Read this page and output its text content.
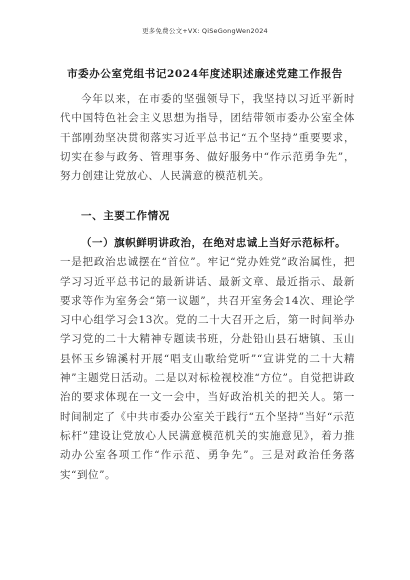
更多免费公文+VX: QiSeGongWen2024
市委办公室党组书记2024年度述职述廉述党建工作报告
今年以来，在市委的坚强领导下，我坚持以习近平新时代中国特色社会主义思想为指导，团结带领市委办公室全体干部刚劲坚决贯彻落实习近平总书记“五个坚持”重要要求，切实在参与政务、管理事务、做好服务中“作示范勇争先”，努力创建让党放心、人民满意的模范机关。
一、主要工作情况
（一）旗帜鲜明讲政治，在绝对忠诚上当好示范标杆。
一是把政治忠诚摆在“首位”。牢记“党办姓党”政治属性，把学习习近平总书记的最新讲话、最新文章、最近指示、最新要求等作为室务会“第一议题”，共召开室务会14次、理论学习中心组学习会13次。党的二十大召开之后，第一时间举办学习党的二十大精神专题读书班，分赴铅山县石塘镇、玉山县怀玉乡锦溪村开展“唱支山歌给党听”“宣讲党的二十大精神”主题党日活动。二是以对标检视校准“方位”。自觉把讲政治的要求体现在一文一会中，当好政治机关的把关人。第一时间制定了《中共市委办公室关于践行“五个坚持”当好“示范标杆”建设让党放心人民满意模范机关的实施意见》，着力推动办公室各项工作“作示范、勇争先”。三是对政治任务落实“到位”。
